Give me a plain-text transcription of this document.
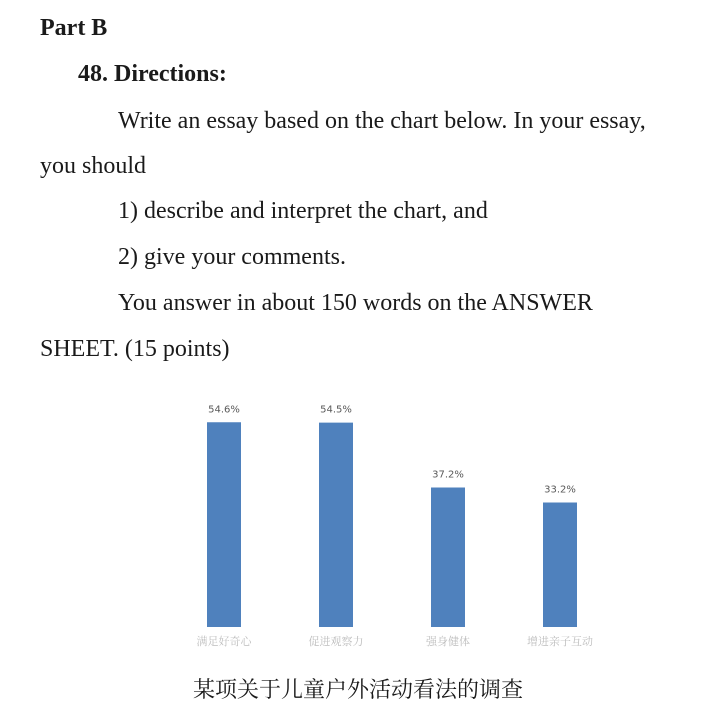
Part B
48. Directions:
Write an essay based on the chart below. In your essay,
you should
1) describe and interpret the chart, and
2) give your comments.
You answer in about 150 words on the ANSWER
SHEET. (15 points)
54.6%
满足好奇心
54.5%
促进观察力
37.2%
强身健体
33.2%
增进亲子互动
某项关于儿童户外活动看法的调查
